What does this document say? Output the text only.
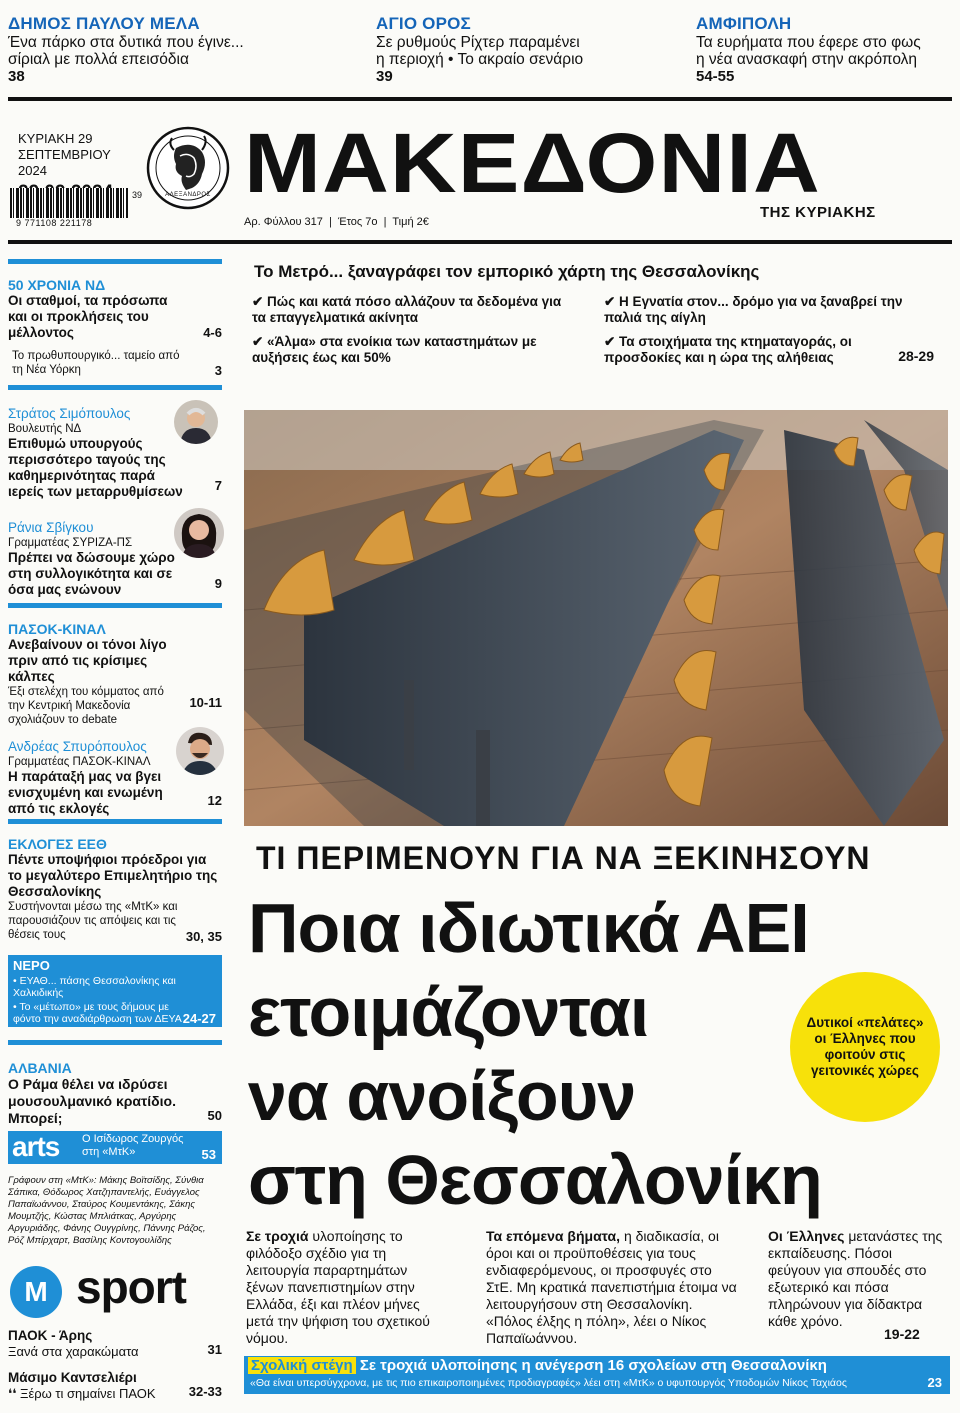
ΔΗΜΟΣ ΠΑΥΛΟΥ ΜΕΛΑ
Ένα πάρκο στα δυτικά που έγινε...
σίριαλ με πολλά επεισόδια
38
ΑΓΙΟ ΟΡΟΣ
Σε ρυθμούς Ρίχτερ παραμένει
η περιοχή • Το ακραίο σενάριο
39
ΑΜΦΙΠΟΛΗ
Τα ευρήματα που έφερε στο φως
η νέα ανασκαφή στην ακρόπολη
54-55
ΚΥΡΙΑΚΗ 29
ΣΕΠΤΕΜΒΡΙΟΥ 2024
39
9 771108 221178
ΑΛΕΞΑΝΔΡΟΣ ΜΑΚΕΔΟΝΙΑ
ΤΗΣ ΚΥΡΙΑΚΗΣ
Αρ. Φύλλου 317  |  Έτος 7ο  |  Τιμή 2€
50 ΧΡΟΝΙΑ ΝΔ
Οι σταθμοί, τα πρόσωπα και οι προκλήσεις του μέλλοντος	4-6
Το πρωθυπουργικό... ταμείο από τη Νέα Υόρκη	3
Στράτος Σιμόπουλος
Βουλευτής ΝΔ
Επιθυμώ υπουργούς περισσότερο ταγούς της καθημερινότητας παρά ιερείς των μεταρρυθμίσεων	7
Ράνια Σβίγκου
Γραμματέας ΣΥΡΙΖΑ-ΠΣ
Πρέπει να δώσουμε χώρο στη συλλογικότητα και σε όσα μας ενώνουν	9
ΠΑΣΟΚ-ΚΙΝΑΛ
Ανεβαίνουν οι τόνοι λίγο πριν από τις κρίσιμες κάλπες
Έξι στελέχη του κόμματος από την Κεντρική Μακεδονία σχολιάζουν το debate
10-11
Ανδρέας Σπυρόπουλος
Γραμματέας ΠΑΣΟΚ-ΚΙΝΑΛ
Η παράταξή μας να βγει ενισχυμένη και ενωμένη από τις εκλογές
12
ΕΚΛΟΓΕΣ ΕΕΘ
Πέντε υποψήφιοι πρόεδροι για το μεγαλύτερο Επιμελητήριο της Θεσσαλονίκης
Συστήνονται μέσω της «ΜτΚ» και παρουσιάζουν τις απόψεις και τις θέσεις τους	30, 35
ΝΕΡΟ
• ΕΥΑΘ... πάσης Θεσσαλονίκης και Χαλκιδικής
• Το «μέτωπο» με τους δήμους με φόντο την αναδιάρθρωση των ΔΕΥΑ 24-27
ΑΛΒΑΝΙΑ
Ο Ράμα θέλει να ιδρύσει μουσουλμανικό κρατίδιο. Μπορεί;	50
arts Ο Ισίδωρος Ζουργός στη «ΜτΚ»	53
Γράφουν στη «ΜτΚ»: Μάκης Βοϊτσίδης, Σύνθια Σάπικα, Θόδωρος Χατζηπαντελής, Ευάγγελος Παπαϊωάννου, Σταύρος Κουμεντάκης, Σάκης Μουμτζής, Κώστας Μπλιάτκας, Αργύρης Αργυριάδης, Φάνης Ουγγρίνης, Πάννης Ράζος, Ρόζ Μπίρχαρτ, Βασίλης Κοντογουλίδης
M sport
ΠΑΟΚ - Άρης
Ξανά στα χαρακώματα	31
Μάσιμο Καντσελιέρι
❛❛ Ξέρω τι σημαίνει ΠΑΟΚ	32-33
Το Μετρό... ξαναγράφει τον εμπορικό χάρτη της Θεσσαλονίκης
✔ Πώς και κατά πόσο αλλάζουν τα δεδομένα για τα επαγγελματικά ακίνητα
✔ «Άλμα» στα ενοίκια των καταστημάτων με αυξήσεις έως και 50%
✔ Η Εγνατία στον... δρόμο για να ξαναβρεί την παλιά της αίγλη
✔ Τα στοιχήματα της κτηματαγοράς, οι προσδοκίες και η ώρα της αλήθειας	28-29
ΤΙ ΠΕΡΙΜΕΝΟΥΝ ΓΙΑ ΝΑ ΞΕΚΙΝΗΣΟΥΝ
Ποια ιδιωτικά ΑΕΙ
ετοιμάζονται
να ανοίξουν
στη Θεσσαλονίκη
Δυτικοί «πελάτες» οι Έλληνες που φοιτούν στις γειτονικές χώρες
Σε τροχιά υλοποίησης το φιλόδοξο σχέδιο για τη λειτουργία παραρτημάτων ξένων πανεπιστημίων στην Ελλάδα, έξι και πλέον μήνες μετά την ψήφιση του σχετικού νόμου.
Τα επόμενα βήματα, η διαδικασία, οι όροι και οι προϋποθέσεις για τους ενδιαφερόμενους, οι προσφυγές στο ΣτΕ. Μη κρατικά πανεπιστήμια έτοιμα να λειτουργήσουν στη Θεσσαλονίκη. «Πόλος έλξης η πόλη», λέει ο Νίκος Παπαϊωάννου.
Οι Έλληνες μετανάστες της εκπαίδευσης. Πόσοι φεύγουν για σπουδές στο εξωτερικό και πόσα πληρώνουν για δίδακτρα κάθε χρόνο.
19-22
Σχολική στέγη Σε τροχιά υλοποίησης η ανέγερση 16 σχολείων στη Θεσσαλονίκη
«Θα είναι υπερσύγχρονα, με τις πιο επικαιροποιημένες προδιαγραφές» λέει στη «ΜτΚ» ο υφυπουργός Υποδομών Νίκος Ταχιάος	23
